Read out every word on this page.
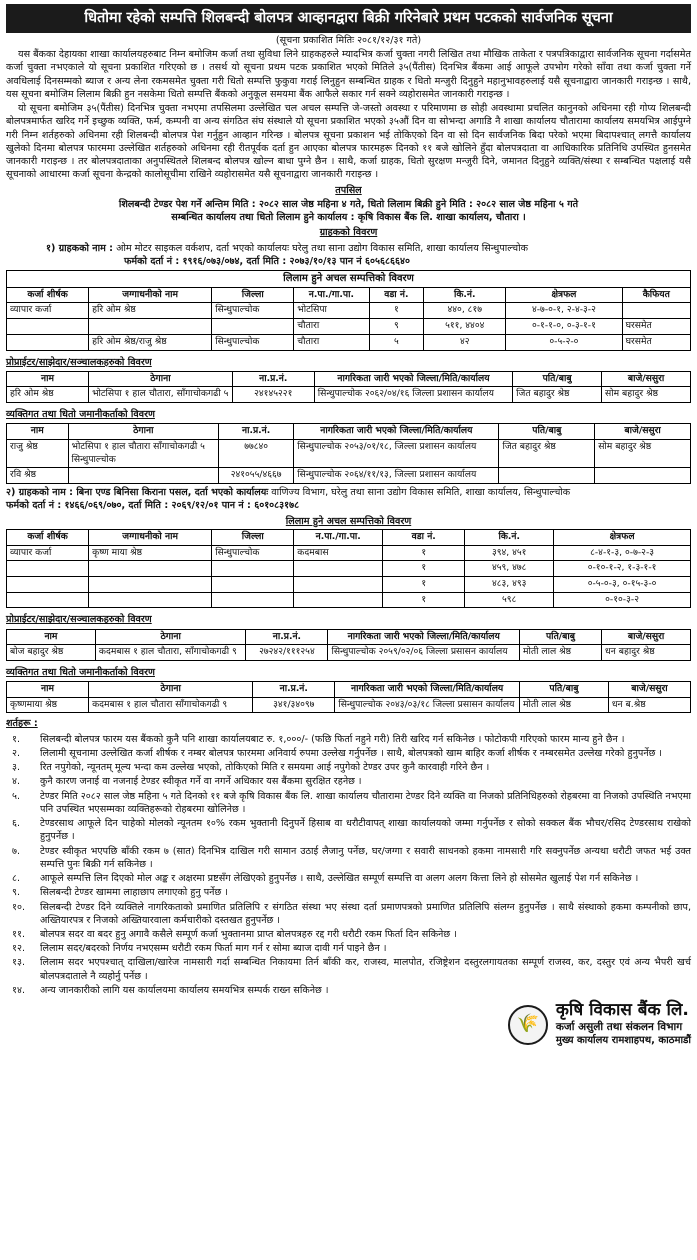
धितोमा रहेको सम्पत्ति शिलबन्दी बोलपत्र आव्हानद्वारा बिक्री गरिनेबारे प्रथम पटकको सार्वजनिक सूचना
(सूचना प्रकाशित मितिः २०८१/१२/३१ गते)

यस बैंकका देहायका शाखा कार्यालयहरुबाट निम्न बमोजिम कर्जा तथा सुविधा लिने ग्राहकहरुले म्यादभित्र कर्जा चुक्ता नगरी लिखित तथा मौखिक ताकेता र पत्रपत्रिकाद्वारा सार्वजनिक सूचना गर्दासमेत कर्जा चुक्ता नभएकाले यो सूचना प्रकाशित गरिएको छ । तसर्थ यो सूचना प्रथम पटक प्रकाशित भएको मितिले ३५(पैंतीस) दिनभित्र बैंकमा आई आफूले उपभोग गरेको साँवा तथा कर्जा चुक्ता गर्ने अवधिलाई दिनसम्मको ब्याज र अन्य लेना रकमसमेत चुक्ता गरी धितो सम्पत्ति फुकुवा गराई लिनुहुन सम्बन्धित ग्राहक र धितो मन्जुरी दिनुहुने महानुभावहरुलाई यसै सूचनाद्वारा जानकारी गराइन्छ । साथै, यस सूचना बमोजिम लिलाम बिक्री हुन नसकेमा धितो सम्पत्ति बैंकको अनुकूल समयमा बैंक आफैले सकार गर्न सक्ने व्यहोरासमेत जानकारी गराइन्छ ।

यो सूचना बमोजिम ३५(पैंतीस) दिनभित्र चुक्ता नभएमा तपसिलमा उल्लेखित चल अचल सम्पत्ति जे-जस्तो अवस्था र परिमाणमा छ सोही अवस्थामा प्रचलित कानुनको अधिनमा रही गोप्य शिलबन्दी बोलपत्रमार्फत खरिद गर्ने इच्छुक व्यक्ति, फर्म, कम्पनी वा अन्य संगठित संघ संस्थाले यो सूचना प्रकाशित भएको ३५औं दिन वा सोभन्दा अगाडि नै शाखा कार्यालय चौतारामा कार्यालय समयभित्र आईपुग्ने गरी निम्न शर्तहरुको अधिनमा रही शिलबन्दी बोलपत्र पेश गर्नुहुन आव्हान गरिन्छ । बोलपत्र सूचना प्रकाशन भई तोकिएको दिन वा सो दिन सार्वजनिक बिदा परेको भएमा बिदापश्चात् लगत्तै कार्यालय खुलेको दिनमा बोलपत्र फारममा उल्लेखित शर्तहरुको अधिनमा रही रीतपूर्वक दर्ता हुन आएका बोलपत्र फारमहरू दिनको ११ बजे खोलिने हुँदा बोलपत्रदाता वा आधिकारिक प्रतिनिधि उपस्थित हुनसमेत जानकारी गराइन्छ । तर बोलपत्रदाताका अनुपस्थितले शिलबन्द बोलपत्र खोल्न बाधा पुग्ने छैन । साथै, कर्जा ग्राहक, धितो सुरक्षण मन्जुरी दिने, जमानत दिनुहुने व्यक्ति/संस्था र सम्बन्धित पक्षलाई यसै सूचनाको आधारमा कर्जा सूचना केन्द्रको कालोसूचीमा राखिने व्यहोरासमेत यसै सूचनाद्वारा जानकारी गराइन्छ ।

तपसिल
शिलबन्दी टेण्डर पेश गर्ने अन्तिम मिति : २०८२ साल जेष्ठ महिना ४ गते, धितो लिलाम बिक्री हुने मिति : २०८२ साल जेष्ठ महिना ५ गते
सम्बन्धित कार्यालय तथा धितो लिलाम हुने कार्यालय : कृषि विकास बैंक लि. शाखा कार्यालय, चौतारा ।
ग्राहकको विवरण
१) ग्राहकको नाम : ओम मोटर साइकल वर्कशप, दर्ता भएको कार्यालयः घरेलु तथा साना उद्योग विकास समिति, शाखा कार्यालय सिन्धुपाल्चोक
फर्मको दर्ता नं : १९१६/०७३/०७४, दर्ता मिति : २०७३/१०/१३ पान नं ६०५६८६६४०
लिलाम हुने अचल सम्पत्तिको विवरण
कर्जा शीर्षक	जग्गाधनीको नाम	जिल्ला	न.पा./गा.पा.	वडा नं.	कि.नं.	क्षेत्रफल	कैफियत
व्यापार कर्जा	हरि ओम श्रेष्ठ	सिन्धुपाल्चोक	भोटसिपा	१	४४०, ८१७	४-७-०-१, २-४-३-२	
			चौतारा	९	५११, ४४०४	०-१-१-०, ०-३-१-१	घरसमेत
	हरि ओम श्रेष्ठ/राजु श्रेष्ठ	सिन्धुपाल्चोक	चौतारा	५	४२	०-५-२-०	घरसमेत
प्रोप्राईटर/साझेदार/सञ्चालकहरुको विवरण
नाम	ठेगाना	ना.प्र.नं.	नागरिकता जारी भएको जिल्ला/मिति/कार्यालय	पति/बाबु	बाजे/ससुरा
हरि ओम श्रेष्ठ	भोटसिपा १ हाल चौतारा, साँगाचोकगढी ५	२४१४५२२१	सिन्धुपाल्चोक २०६२/०४/१६ जिल्ला प्रशासन कार्यालय	जित बहादुर श्रेष्ठ	सोम बहादुर श्रेष्ठ
व्यक्तिगत तथा धितो जमानीकर्ताको विवरण
नाम	ठेगाना	ना.प्र.नं.	नागरिकता जारी भएको जिल्ला/मिति/कार्यालय	पति/बाबु	बाजे/ससुरा
राजु श्रेष्ठ	भोटसिपा १ हाल चौतारा साँगाचोकगढी ५ सिन्धुपाल्चोक	७७८४०	सिन्धुपाल्चोक २०५३/०१/१८, जिल्ला प्रशासन कार्यालय	जित बहादुर श्रेष्ठ	सोम बहादुर श्रेष्ठ
रवि श्रेष्ठ		२४१०५५/४६६७	सिन्धुपाल्चोक २०६४/११/१३, जिल्ला प्रशासन कार्यालय		
२) ग्राहकको नाम : बिना एण्ड बिनिसा किराना पसल, दर्ता भएको कार्यालयः वाणिज्य विभाग, घरेलु तथा साना उद्योग विकास समिति, शाखा कार्यालय, सिन्धुपाल्चोक
फर्मको दर्ता नं : १४६६/०६९/०७०, दर्ता मिति : २०६९/१२/०१ पान नं : ६०१०८३१७८
लिलाम हुने अचल सम्पत्तिको विवरण
कर्जा शीर्षक	जग्गाधनीको नाम	जिल्ला	न.पा./गा.पा.	वडा नं.	कि.नं.	क्षेत्रफल
व्यापार कर्जा	कृष्ण माया श्रेष्ठ	सिन्धुपाल्चोक	कदमबास	१	३९४, ४५१	८-४-१-३, ०-७-२-३
				१	४५९, ४७८	०-१०-१-२, १-३-१-१
				१	४८३, ४९३	०-५-०-३, ०-१५-३-०
				१	५९८	०-१०-३-२
प्रोप्राईटर/साझेदार/सञ्चालकहरुको विवरण
नाम	ठेगाना	ना.प्र.नं.	नागरिकता जारी भएको जिल्ला/मिति/कार्यालय	पति/बाबु	बाजे/ससुरा
बोज बहादुर श्रेष्ठ	कदमबास १ हाल चौतारा, साँगाचोकगढी ९	२७२४२/१११२५४	सिन्धुपाल्चोक २०५९/०२/०६ जिल्ला प्रसासन कार्यालय	मोती लाल श्रेष्ठ	धन बहादुर श्रेष्ठ
व्यक्तिगत तथा धितो जमानीकर्ताको विवरण
नाम	ठेगाना	ना.प्र.नं.	नागरिकता जारी भएको जिल्ला/मिति/कार्यालय	पति/बाबु	बाजे/ससुरा
कृष्णमाया श्रेष्ठ	कदमबास १ हाल चौतारा साँगाचोकगढी ९	३४१/३४०९७	सिन्धुपाल्चोक २०४३/०३/१८ जिल्ला प्रसासन कार्यालय	मोती लाल श्रेष्ठ	धन ब.श्रेष्ठ
शर्तहरू :
१.	सिलबन्दी बोलपत्र फारम यस बैंकको कुनै पनि शाखा कार्यालयबाट रु. १,०००/- (फछि फिर्ता नहुने गरी) तिरी खरिद गर्न सकिनेछ । फोटोकपी गरिएको फारम मान्य हुने छैन ।
२.	लिलामी सूचनामा उल्लेखित कर्जा शीर्षक र नम्बर बोलपत्र फारममा अनिवार्य रुपमा उल्लेख गर्नुपर्नेछ । साथै, बोलपत्रको खाम बाहिर कर्जा शीर्षक र नम्बरसमेत उल्लेख गरेको हुनुपर्नेछ ।
३.	रित नपुगेको, न्यूनतम् मूल्य भन्दा कम उल्लेख भएको, तोकिएको मिति र समयमा आई नपुगेको टेण्डर उपर कुनै कारवाही गरिने छैन ।
४.	कुनै कारण जनाई वा नजनाई टेण्डर स्वीकृत गर्ने वा नगर्ने अधिकार यस बैंकमा सुरक्षित रहनेछ ।
५.	टेण्डर मिति २०८२ साल जेष्ठ महिना ५ गते दिनको ११ बजे कृषि विकास बैंक लि. शाखा कार्यालय चौतारामा टेण्डर दिने व्यक्ति वा निजको प्रतिनिधिहरुको रोहबरमा वा निजको उपस्थिति नभएमा पनि उपस्थित भएसम्मका व्यक्तिहरूको रोहबरमा खोलिनेछ ।
६.	टेण्डरसाथ आफूले दिन चाहेको मोलको न्यूनतम १०% रकम भुक्तानी दिनुपर्ने हिसाब वा धरौटीवापत् शाखा कार्यालयको जम्मा गर्नुपर्नेछ र सोको सक्कल बैंक भौचर/रसिद टेण्डरसाथ राखेको हुनुपर्नेछ ।
७.	टेण्डर स्वीकृत भएपछि बाँकी रकम ७ (सात) दिनभित्र दाखिल गरी सामान उठाई लैजानु पर्नेछ, घर/जग्गा र सवारी साधनको हकमा नामसारी गरि सक्नुपर्नेछ अन्यथा धरौटी जफत भई उक्त सम्पत्ति पुनः बिक्री गर्न सकिनेछ ।
८.	आफूले सम्पत्ति लिन दिएको मोल अङ्क र अक्षरमा प्रष्टसँग लेखिएको हुनुपर्नेछ । साथै, उल्लेखित सम्पूर्ण सम्पत्ति वा अलग अलग कित्ता लिने हो सोसमेत खुलाई पेश गर्न सकिनेछ ।
९.	सिलबन्दी टेण्डर खाममा लाहाछाप लगाएको हुनु पर्नेछ ।
१०.	सिलबन्दी टेण्डर दिने व्यक्तिले नागरिकताको प्रमाणित प्रतिलिपि र संगठित संस्था भए संस्था दर्ता प्रमाणपत्रको प्रमाणित प्रतिलिपि संलग्न हुनुपर्नेछ । साथै संस्थाको हकमा कम्पनीको छाप, अख्तियारपत्र र निजको अख्तियारवाला कर्मचारीको दस्तखत हुनुपर्नेछ ।
११.	बोलपत्र सदर वा बदर हुनु अगावै कसैले सम्पूर्ण कर्जा भुक्तानमा प्राप्त बोलपत्रहरु रद्द गरी धरौटी रकम फिर्ता दिन सकिनेछ ।
१२.	लिलाम सदर/बदरको निर्णय नभएसम्म धरौटी रकम फिर्ता माग गर्न र सोमा ब्याज दावी गर्न पाइने छैन ।
१३.	लिलाम सदर भएपश्चात् दाखिला/खारेज नामसारी गर्दा सम्बन्धित निकायमा तिर्न बाँकी कर, राजस्व, मालपोत, रजिष्ट्रेशन दस्तुरलगायतका सम्पूर्ण राजस्व, कर, दस्तुर एवं अन्य भैपरी खर्च बोलपत्रदाताले नै व्यहोर्नु पर्नेछ ।
१४.	अन्य जानकारीको लागि यस कार्यालयमा कार्यालय समयभित्र सम्पर्क राख्न सकिनेछ ।
🌾
कृषि विकास बैंक लि.
कर्जा असुली तथा संकलन विभाग
मुख्य कार्यालय रामशाहपथ, काठमाडौं
